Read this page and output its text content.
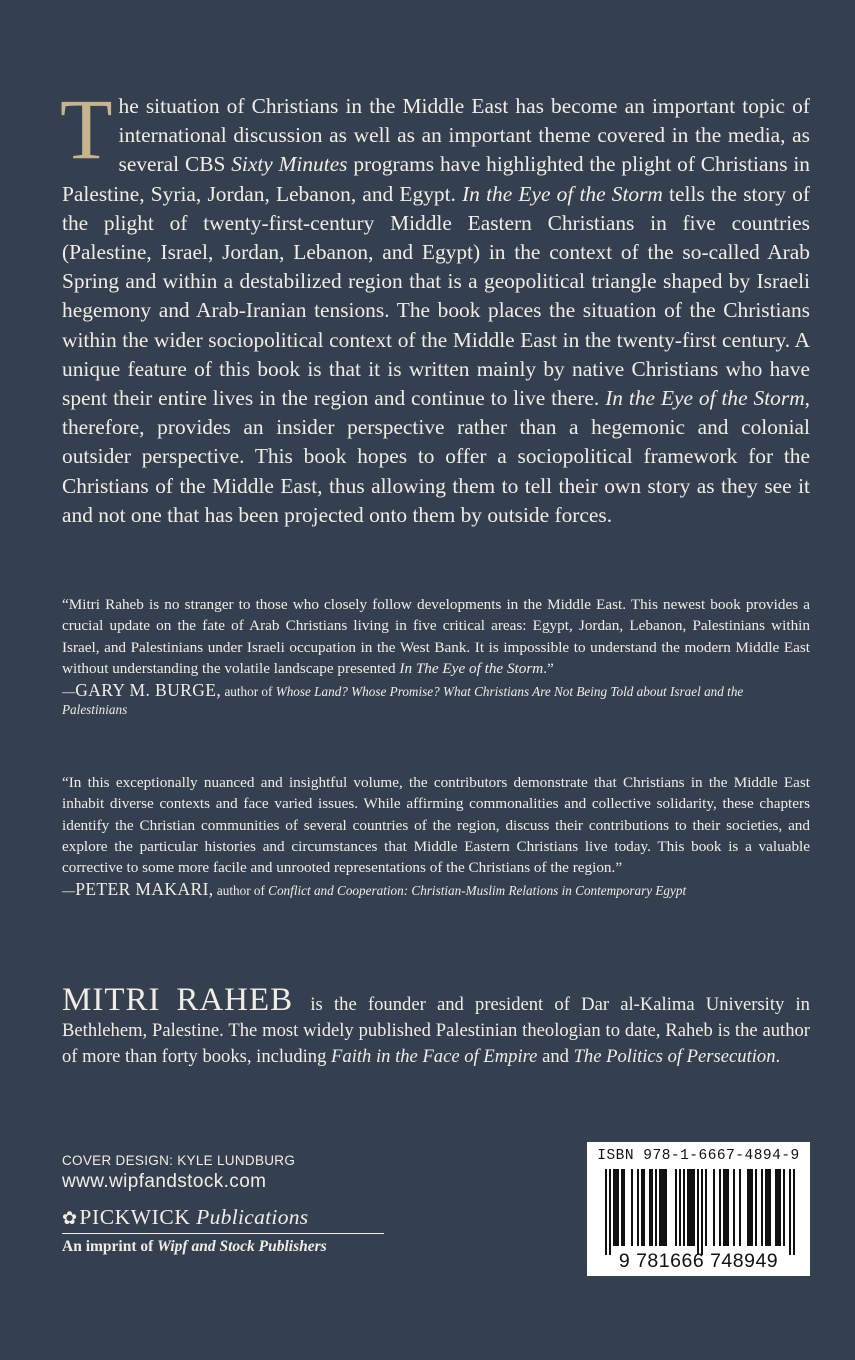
T he situation of Christians in the Middle East has become an important topic of international discussion as well as an important theme covered in the media, as several CBS Sixty Minutes programs have highlighted the plight of Christians in Palestine, Syria, Jordan, Lebanon, and Egypt. In the Eye of the Storm tells the story of the plight of twenty-first-century Middle Eastern Christians in five countries (Palestine, Israel, Jordan, Lebanon, and Egypt) in the context of the so-called Arab Spring and within a destabilized region that is a geopolitical triangle shaped by Israeli hegemony and Arab-Iranian tensions. The book places the situation of the Christians within the wider sociopolitical context of the Middle East in the twenty-first century. A unique feature of this book is that it is written mainly by native Christians who have spent their entire lives in the region and continue to live there. In the Eye of the Storm, therefore, provides an insider perspective rather than a hegemonic and colonial outsider perspective. This book hopes to offer a sociopolitical framework for the Christians of the Middle East, thus allowing them to tell their own story as they see it and not one that has been projected onto them by outside forces.

“Mitri Raheb is no stranger to those who closely follow developments in the Middle East. This newest book provides a crucial update on the fate of Arab Christians living in five critical areas: Egypt, Jordan, Lebanon, Palestinians within Israel, and Palestinians under Israeli occupation in the West Bank. It is impossible to understand the modern Middle East without understanding the volatile landscape presented In The Eye of the Storm.”
—GARY M. BURGE, author of Whose Land? Whose Promise? What Christians Are Not Being Told about Israel and the Palestinians
“In this exceptionally nuanced and insightful volume, the contributors demonstrate that Christians in the Middle East inhabit diverse contexts and face varied issues. While affirming commonalities and collective solidarity, these chapters identify the Christian communities of several countries of the region, discuss their contributions to their societies, and explore the particular histories and circumstances that Middle Eastern Christians live today. This book is a valuable corrective to some more facile and unrooted representations of the Christians of the region.”
—PETER MAKARI, author of Conflict and Cooperation: Christian-Muslim Relations in Contemporary Egypt

MITRI RAHEB is the founder and president of Dar al-Kalima University in Bethlehem, Palestine. The most widely published Palestinian theologian to date, Raheb is the author of more than forty books, including Faith in the Face of Empire and The Politics of Persecution.

COVER DESIGN: KYLE LUNDBURG
www.wipfandstock.com
✿PICKWICK Publications
An imprint of Wipf and Stock Publishers
ISBN 978-1-6667-4894-9
9 781666 748949
